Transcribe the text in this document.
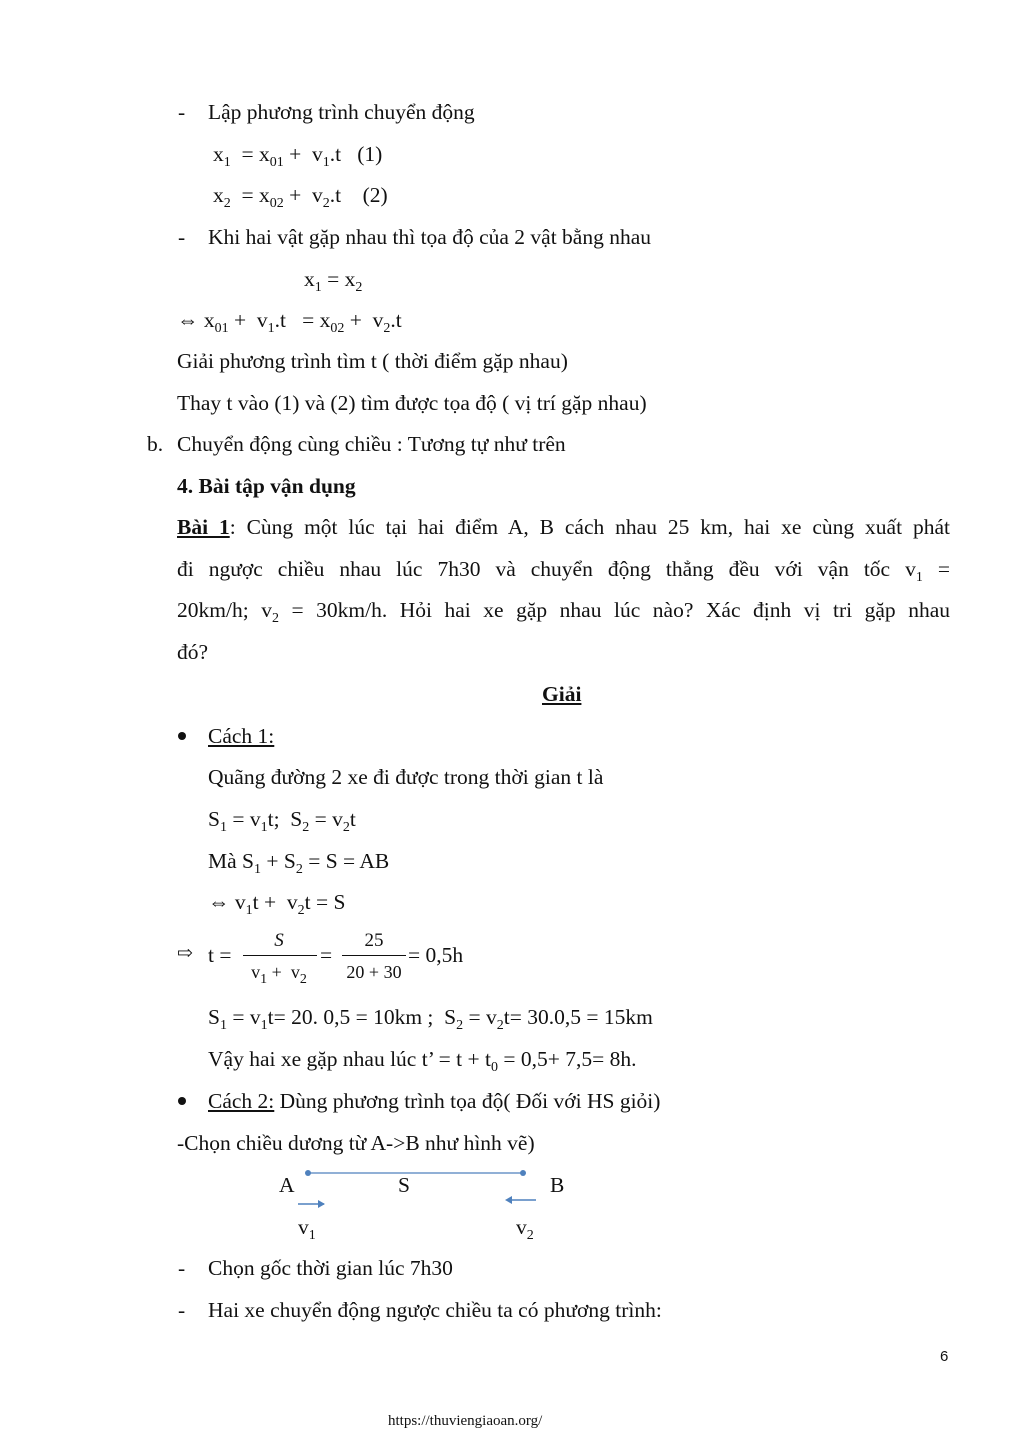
- Lập phương trình chuyển động
$x_1 = x_{01} + v_1.t$   (1)
$x_2 = x_{02} + v_2.t$    (2)
- Khi hai vật gặp nhau thì tọa độ của 2 vật bằng nhau
$x_1 = x_2$
⇔ $x_{01} + v_1.t = x_{02} + v_2.t$
Giải phương trình tìm t ( thời điểm gặp nhau)
Thay t vào (1) và (2) tìm được tọa độ ( vị trí gặp nhau)
b. Chuyển động cùng chiều : Tương tự như trên
4. Bài tập vận dụng
Bài 1: Cùng một lúc tại hai điểm A, B cách nhau 25 km, hai xe cùng xuất phát
đi ngược chiều nhau lúc 7h30 và chuyển động thẳng đều với vận tốc $v_1$ =
20km/h; $v_2 = 30km/h$. Hỏi hai xe gặp nhau lúc nào? Xác định vị tri gặp nhau
đó?
Giải
Cách 1:
Quãng đường 2 xe đi được trong thời gian t là
$S_1 = v_1t$;  $S_2 = v_2t$
Mà $S_1 + S_2 = S$ = AB
⇔ $v_1t + v_2t = S$
⇨ t =
S
$v_1 + v_2$
=
25
20 + 30
= 0,5h
$S_1 = v_1t= 20$. 0,5 = 10km ;  $S_2 = v_2t= 30.0,5 = 15km$
Vậy hai xe gặp nhau lúc t’ = $t + t_0 = 0,5+ 7,5= 8h$.
Cách 2: Dùng phương trình tọa độ( Đối với HS giỏi)
-Chọn chiều dương từ A->B như hình vẽ)
A	S	B
$v_1$	$v_2$
- Chọn gốc thời gian lúc 7h30
- Hai xe chuyển động ngược chiều ta có phương trình:
6
https://thuviengiaoan.org/
